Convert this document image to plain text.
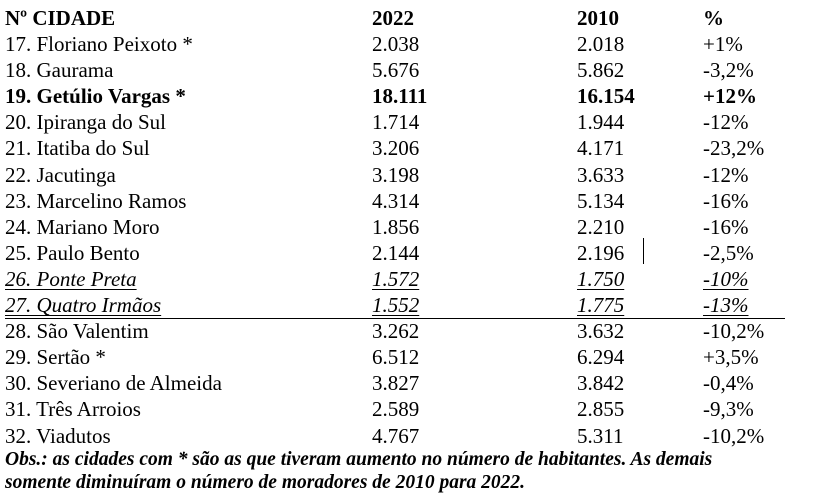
Nº CIDADE	2022	2010	%
17. Floriano Peixoto *	2.038	2.018	+1%
18. Gaurama	5.676	5.862	-3,2%
19. Getúlio Vargas *	18.111	16.154	+12%
20. Ipiranga do Sul	1.714	1.944	-12%
21. Itatiba do Sul	3.206	4.171	-23,2%
22. Jacutinga	3.198	3.633	-12%
23. Marcelino Ramos	4.314	5.134	-16%
24. Mariano Moro	1.856	2.210	-16%
25. Paulo Bento	2.144	2.196	-2,5%
26. Ponte Preta	1.572	1.750	-10%
27. Quatro Irmãos	1.552	1.775	-13%
28. São Valentim	3.262	3.632	-10,2%
29. Sertão *	6.512	6.294	+3,5%
30. Severiano de Almeida	3.827	3.842	-0,4%
31. Três Arroios	2.589	2.855	-9,3%
32. Viadutos	4.767	5.311	-10,2%
Obs.: as cidades com * são as que tiveram aumento no número de habitantes. As demais
somente diminuíram o número de moradores de 2010 para 2022.
